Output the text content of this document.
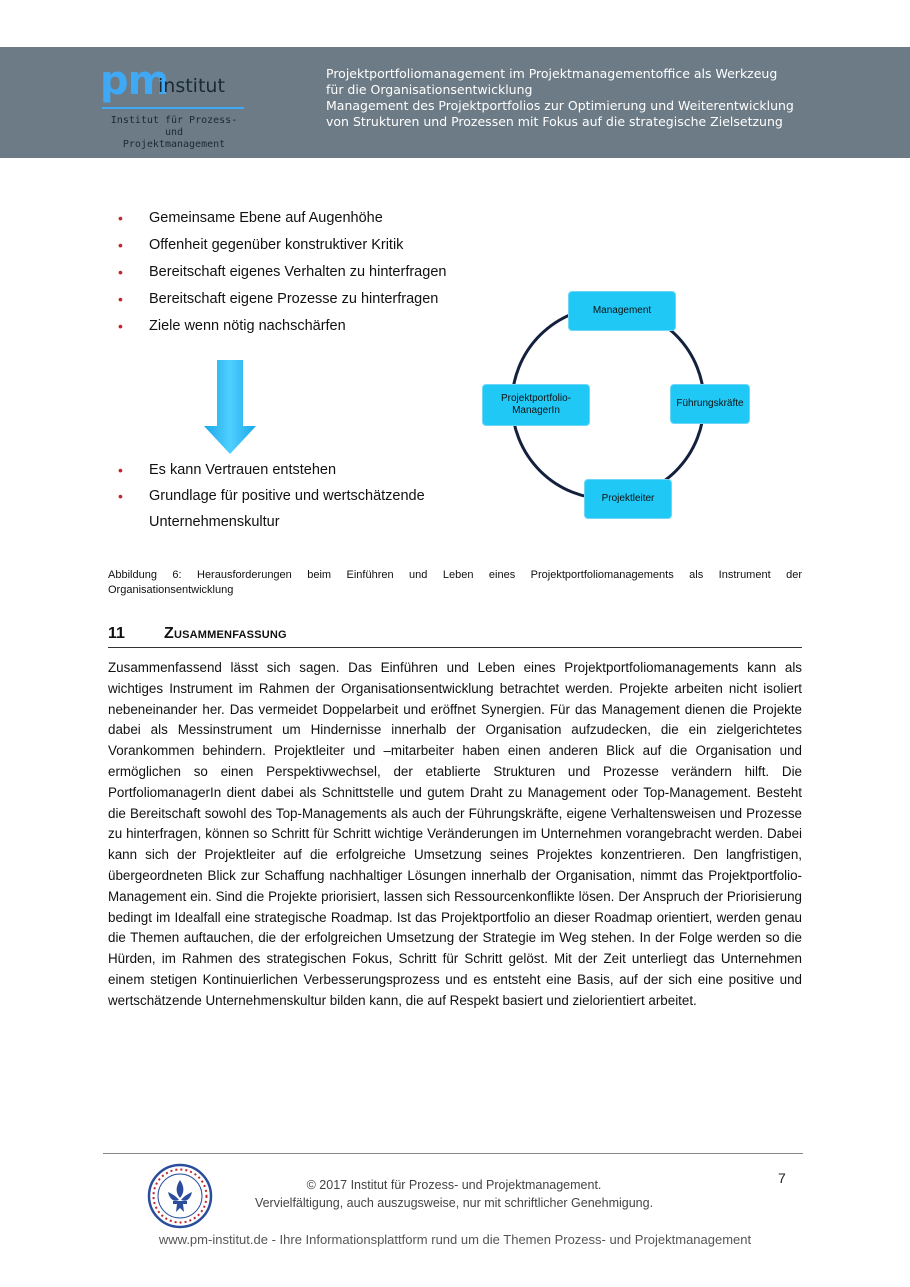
pm
institut
Institut für Prozess- und
Projektmanagement
Projektportfoliomanagement im Projektmanagementoffice als Werkzeug
für die Organisationsentwicklung
Management des Projektportfolios zur Optimierung und Weiterentwicklung
von Strukturen und Prozessen mit Fokus auf die strategische Zielsetzung
• Gemeinsame Ebene auf Augenhöhe
• Offenheit gegenüber konstruktiver Kritik
• Bereitschaft eigenes Verhalten zu hinterfragen
• Bereitschaft eigene Prozesse zu hinterfragen
• Ziele wenn nötig nachschärfen
• Es kann Vertrauen entstehen
• Grundlage für positive und wertschätzende
Unternehmenskultur
Management
Führungskräfte
Projektleiter
Projektportfolio-
ManagerIn
Abbildung 6: Herausforderungen beim Einführen und Leben eines Projektportfoliomanagements als Instrument der
Organisationsentwicklung
11 Zusammenfassung
Zusammenfassend lässt sich sagen. Das Einführen und Leben eines Projektportfoliomanagements kann als wichtiges Instrument im Rahmen der Organisationsentwicklung betrachtet werden. Projekte arbeiten nicht isoliert nebeneinander her. Das vermeidet Doppelarbeit und eröffnet Synergien. Für das Management dienen die Projekte dabei als Messinstrument um Hindernisse innerhalb der Organisation aufzudecken, die ein zielgerichtetes Vorankommen behindern. Projektleiter und –mitarbeiter haben einen anderen Blick auf die Organisation und ermöglichen so einen Perspektivwechsel, der etablierte Strukturen und Prozesse verändern hilft. Die PortfoliomanagerIn dient dabei als Schnittstelle und gutem Draht zu Management oder Top-Management. Besteht die Bereitschaft sowohl des Top-Managements als auch der Führungskräfte, eigene Verhaltensweisen und Prozesse zu hinterfragen, können so Schritt für Schritt wichtige Veränderungen im Unternehmen vorangebracht werden. Dabei kann sich der Projektleiter auf die erfolgreiche Umsetzung seines Projektes konzentrieren. Den langfristigen, übergeordneten Blick zur Schaffung nachhaltiger Lösungen innerhalb der Organisation, nimmt das Projektportfolio-Management ein. Sind die Projekte priorisiert, lassen sich Ressourcenkonflikte lösen. Der Anspruch der Priorisierung bedingt im Idealfall eine strategische Roadmap. Ist das Projektportfolio an dieser Roadmap orientiert, werden genau die Themen auftauchen, die der erfolgreichen Umsetzung der Strategie im Weg stehen. In der Folge werden so die Hürden, im Rahmen des strategischen Fokus, Schritt für Schritt gelöst. Mit der Zeit unterliegt das Unternehmen einem stetigen Kontinuierlichen Verbesserungsprozess und es entsteht eine Basis, auf der sich eine positive und wertschätzende Unternehmenskultur bilden kann, die auf Respekt basiert und zielorientiert arbeitet.
© 2017 Institut für Prozess- und Projektmanagement.
Vervielfältigung, auch auszugsweise, nur mit schriftlicher Genehmigung.
7
www.pm-institut.de - Ihre Informationsplattform rund um die Themen Prozess- und Projektmanagement
